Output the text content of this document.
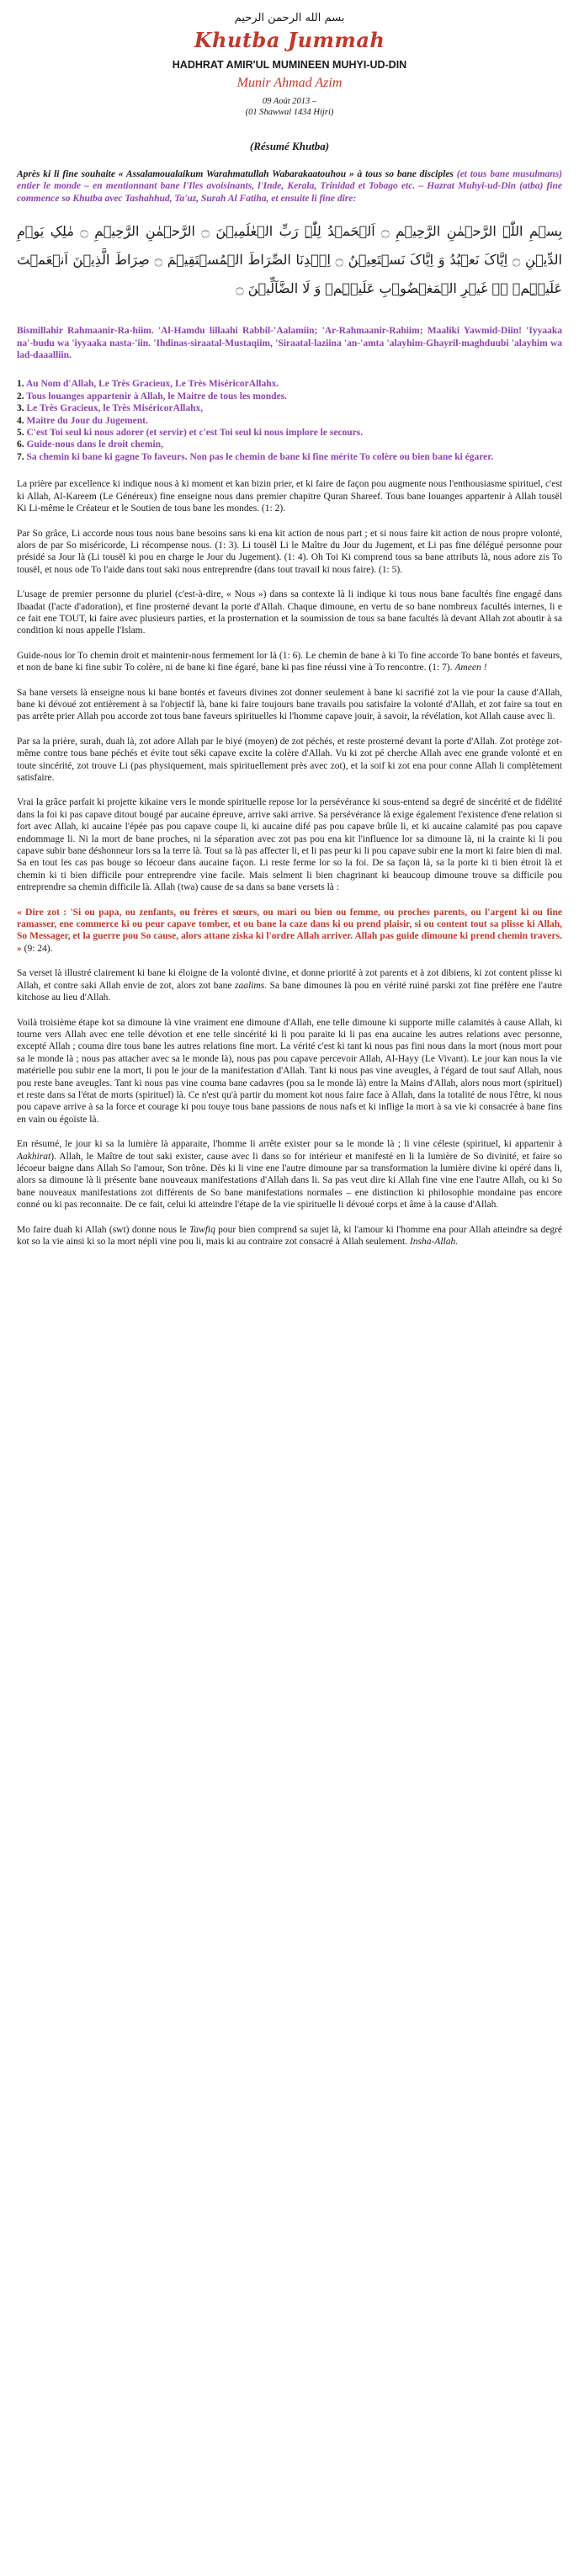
بسم الله الرحمن الرحيم
Khutba Jummah
HADHRAT AMIR'UL MUMINEEN MUHYI-UD-DIN
Munir Ahmad Azim
09 Août 2013 –
(01 Shawwal 1434 Hijri)
(Résumé Khutba)

Après ki li fine souhaite « Assalamoualaikum Warahmatullah Wabarakaatouhou » à tous so bane disciples (et tous bane musulmans) entier le monde – en mentionnant bane l'Iles avoisinants, l'Inde, Kerala, Trinidad et Tobago etc. – Hazrat Muhyi-ud-Din (atba) fine commence so Khutba avec Tashahhud, Ta'uz, Surah Al Fatiha, et ensuite li fine dire:

بِسۡمِ اللّٰہِ الرَّحۡمٰنِ الرَّحِیۡمِ ۝ اَلۡحَمۡدُ لِلّٰہِ رَبِّ الۡعٰلَمِیۡنَ ۝ الرَّحۡمٰنِ الرَّحِیۡمِ ۝ مٰلِکِ یَوۡمِ الدِّیۡنِ ۝ اِیَّاکَ نَعۡبُدُ وَ اِیَّاکَ نَسۡتَعِیۡنُ ۝ اِہۡدِنَا الصِّرَاطَ الۡمُسۡتَقِیۡمَ ۝ صِرَاطَ الَّذِیۡنَ اَنۡعَمۡتَ عَلَیۡہِمۡ ۙ۬ غَیۡرِ الۡمَغۡضُوۡبِ عَلَیۡہِمۡ وَ لَا الضَّآلِّیۡنَ ۝
Bismillahir Rahmaanir-Ra-hiim. 'Al-Hamdu lillaahi Rabbil-'Aalamiin; 'Ar-Rahmaanir-Rahiim; Maaliki Yawmid-Diin! 'Iyyaaka na'-budu wa 'iyyaaka nasta-'iin. 'Ihdinas-siraatal-Mustaqiim, 'Siraatal-laziina 'an-'amta 'alayhim-Ghayril-maghduubi 'alayhim wa lad-daaalliin.
1. Au Nom d'Allah, Le Très Gracieux, Le Très MiséricorAllahx.
2. Tous louanges appartenir à Allah, le Maitre de tous les mondes.
3. Le Très Gracieux, le Très MiséricorAllahx,
4. Maitre du Jour du Jugement.
5. C'est Toi seul ki nous adorer (et servir) et c'est Toi seul ki nous implore le secours.
6. Guide-nous dans le droit chemin,
7. Sa chemin ki bane ki gagne To faveurs. Non pas le chemin de bane ki fine mérite To colère ou bien bane ki égarer.

La prière par excellence ki indique nous à ki moment et kan bizin prier, et ki faire de façon pou augmente nous l'enthousiasme spirituel, c'est ki Allah, Al-Kareem (Le Généreux) fine enseigne nous dans premier chapitre Quran Shareef. Tous bane louanges appartenir à Allah tousël Ki Li-même le Créateur et le Soutien de tous bane les mondes. (1: 2).

Par So grâce, Li accorde nous tous nous bane besoins sans ki ena kit action de nous part ; et si nous faire kit action de nous propre volonté, alors de par So miséricorde, Li récompense nous. (1: 3). Li tousël Li le Maître du Jour du Jugement, et Li pas fine délégué personne pour présidé sa Jour là (Li tousël ki pou en charge le Jour du Jugement). (1: 4). Oh Toi Ki comprend tous sa bane attributs là, nous adore zis To tousël, et nous ode To l'aide dans tout saki nous entreprendre (dans tout travail ki nous faire). (1: 5).

L'usage de premier personne du pluriel (c'est-à-dire, « Nous ») dans sa contexte là li indique ki tous nous bane facultés fine engagé dans Ibaadat (l'acte d'adoration), et fine prosterné devant la porte d'Allah. Chaque dimoune, en vertu de so bane nombreux facultés internes, li e ce fait ene TOUT, ki faire avec plusieurs parties, et la prosternation et la soumission de tous sa bane facultés là devant Allah zot aboutir à sa condition ki nous appelle l'Islam.

Guide-nous lor To chemin droit et maintenir-nous fermement lor là (1: 6). Le chemin de bane à ki To fine accorde To bane bontés et faveurs, et non de bane ki fine subir To colère, ni de bane ki fine égaré, bane ki pas fine réussi vine à To rencontre. (1: 7). Ameen !

Sa bane versets là enseigne nous ki bane bontés et faveurs divines zot donner seulement à bane ki sacrifié zot la vie pour la cause d'Allah, bane ki dévoué zot entièrement à sa l'objectif là, bane ki faire toujours bane travails pou satisfaire la volonté d'Allah, et zot faire sa tout en pas arrête prier Allah pou accorde zot tous bane faveurs spirituelles ki l'homme capave jouir, à savoir, la révélation, kot Allah cause avec li.

Par sa la prière, surah, duah là, zot adore Allah par le biyé (moyen) de zot péchés, et reste prosterné devant la porte d'Allah. Zot protège zot-même contre tous bane péchés et évite tout séki capave excite la colère d'Allah. Vu ki zot pé cherche Allah avec ene grande volonté et en toute sincérité, zot trouve Li (pas physiquement, mais spirituellement près avec zot), et la soif ki zot ena pour conne Allah li complètement satisfaire.

Vrai la grâce parfait ki projette kikaine vers le monde spirituelle repose lor la persévérance ki sous-entend sa degré de sincérité et de fidélité dans la foi ki pas capave ditout bougé par aucaine épreuve, arrive saki arrive. Sa persévérance là exige également l'existence d'ene relation si fort avec Allah, ki aucaine l'épée pas pou capave coupe li, ki aucaine difé pas pou capave brûle li, et ki aucaine calamité pas pou capave endommage li. Ni la mort de bane proches, ni la séparation avec zot pas pou ena kit l'influence lor sa dimoune là, ni la crainte ki li pou capave subir bane déshonneur lors sa la terre là. Tout sa là pas affecter li, et li pas peur ki li pou capave subir ene la mort ki faire bien di mal. Sa en tout les cas pas bouge so lécoeur dans aucaine façon. Li reste ferme lor so la foi. De sa façon là, sa la porte ki ti bien étroit là et chemin ki ti bien difficile pour entreprendre vine facile. Mais selment li bien chagrinant ki beaucoup dimoune trouve sa difficile pou entreprendre sa chemin difficile là. Allah (twa) cause de sa dans sa bane versets là :

« Dire zot : 'Si ou papa, ou zenfants, ou frères et sœurs, ou mari ou bien ou femme, ou proches parents, ou l'argent ki ou fine ramasser, ene commerce ki ou peur capave tomber, et ou bane la caze dans ki ou prend plaisir, si ou content tout sa plisse ki Allah, So Messager, et la guerre pou So cause, alors attane ziska ki l'ordre Allah arriver. Allah pas guide dimoune ki prend chemin travers. » (9: 24).

Sa verset là illustré clairement ki bane ki éloigne de la volonté divine, et donne priorité à zot parents et à zot dibiens, ki zot content plisse ki Allah, et contre saki Allah envie de zot, alors zot bane zaalims. Sa bane dimounes là pou en vérité ruiné parski zot fine préfère ene l'autre kitchose au lieu d'Allah.

Voilà troisième étape kot sa dimoune là vine vraiment ene dimoune d'Allah, ene telle dimoune ki supporte mille calamités à cause Allah, ki tourne vers Allah avec ene telle dévotion et ene telle sincérité ki li pou paraite ki li pas ena aucaine les autres relations avec personne, excepté Allah ; couma dire tous bane les autres relations fine mort. La vérité c'est ki tant ki nous pas fini nous dans la mort (nous mort pour sa le monde là ; nous pas attacher avec sa le monde là), nous pas pou capave percevoir Allah, Al-Hayy (Le Vivant). Le jour kan nous la vie matérielle pou subir ene la mort, li pou le jour de la manifestation d'Allah. Tant ki nous pas vine aveugles, à l'égard de tout sauf Allah, nous pou reste bane aveugles. Tant ki nous pas vine couma bane cadavres (pou sa le monde là) entre la Mains d'Allah, alors nous mort (spirituel) et reste dans sa l'état de morts (spirituel) là. Ce n'est qu'à partir du moment kot nous faire face à Allah, dans la totalité de nous l'être, ki nous pou capave arrive à sa la force et courage ki pou touye tous bane passions de nous nafs et ki inflige la mort à sa vie ki consacrée à bane fins en vain ou égoïste là.

En résumé, le jour ki sa la lumière là apparaite, l'homme li arrête exister pour sa le monde là ; li vine céleste (spirituel, ki appartenir à Aakhirat). Allah, le Maître de tout saki exister, cause avec li dans so for intérieur et manifesté en li la lumière de So divinité, et faire so lécoeur baigne dans Allah So l'amour, Son trône. Dès ki li vine ene l'autre dimoune par sa transformation la lumière divine ki opéré dans li, alors sa dimoune là li présente bane nouveaux manifestations d'Allah dans li. Sa pas veut dire ki Allah fine vine ene l'autre Allah, ou ki So bane nouveaux manifestations zot différents de So bane manifestations normales – ene distinction ki philosophie mondaine pas encore conné ou ki pas reconnaite. De ce fait, celui ki atteindre l'étape de la vie spirituelle li dévoué corps et âme à la cause d'Allah.

Mo faire duah ki Allah (swt) donne nous le Tawfiq pour bien comprend sa sujet là, ki l'amour ki l'homme ena pour Allah atteindre sa degré kot so la vie ainsi ki so la mort népli vine pou li, mais ki au contraire zot consacré à Allah seulement. Insha-Allah.
